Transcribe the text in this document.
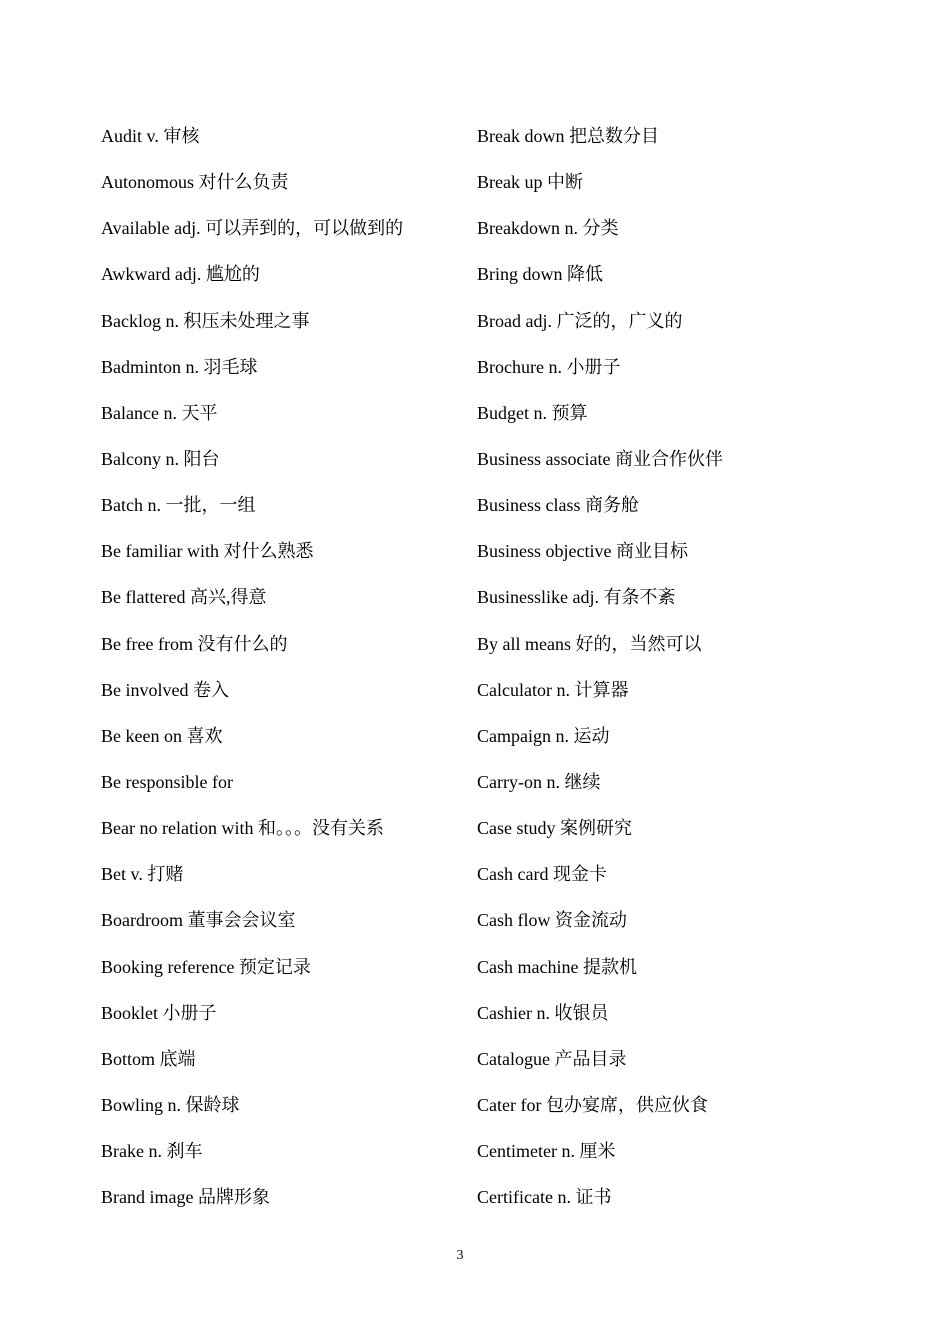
Audit v. 审核
Autonomous 对什么负责
Available adj. 可以弄到的，可以做到的
Awkward adj. 尴尬的
Backlog n. 积压未处理之事
Badminton n. 羽毛球
Balance n. 天平
Balcony n. 阳台
Batch n. 一批，一组
Be familiar with 对什么熟悉
Be flattered 高兴,得意
Be free from 没有什么的
Be involved 卷入
Be keen on 喜欢
Be responsible for
Bear no relation with 和。。。没有关系
Bet v. 打赌
Boardroom 董事会会议室
Booking reference 预定记录
Booklet 小册子
Bottom 底端
Bowling n. 保龄球
Brake n. 刹车
Brand image 品牌形象
Break down 把总数分目
Break up 中断
Breakdown n. 分类
Bring down 降低
Broad adj. 广泛的，广义的
Brochure n. 小册子
Budget n. 预算
Business associate 商业合作伙伴
Business class 商务舱
Business objective 商业目标
Businesslike adj. 有条不紊
By all means 好的，当然可以
Calculator n. 计算器
Campaign n. 运动
Carry-on n. 继续
Case study 案例研究
Cash card 现金卡
Cash flow 资金流动
Cash machine 提款机
Cashier n. 收银员
Catalogue 产品目录
Cater for 包办宴席，供应伙食
Centimeter n. 厘米
Certificate n. 证书
3
